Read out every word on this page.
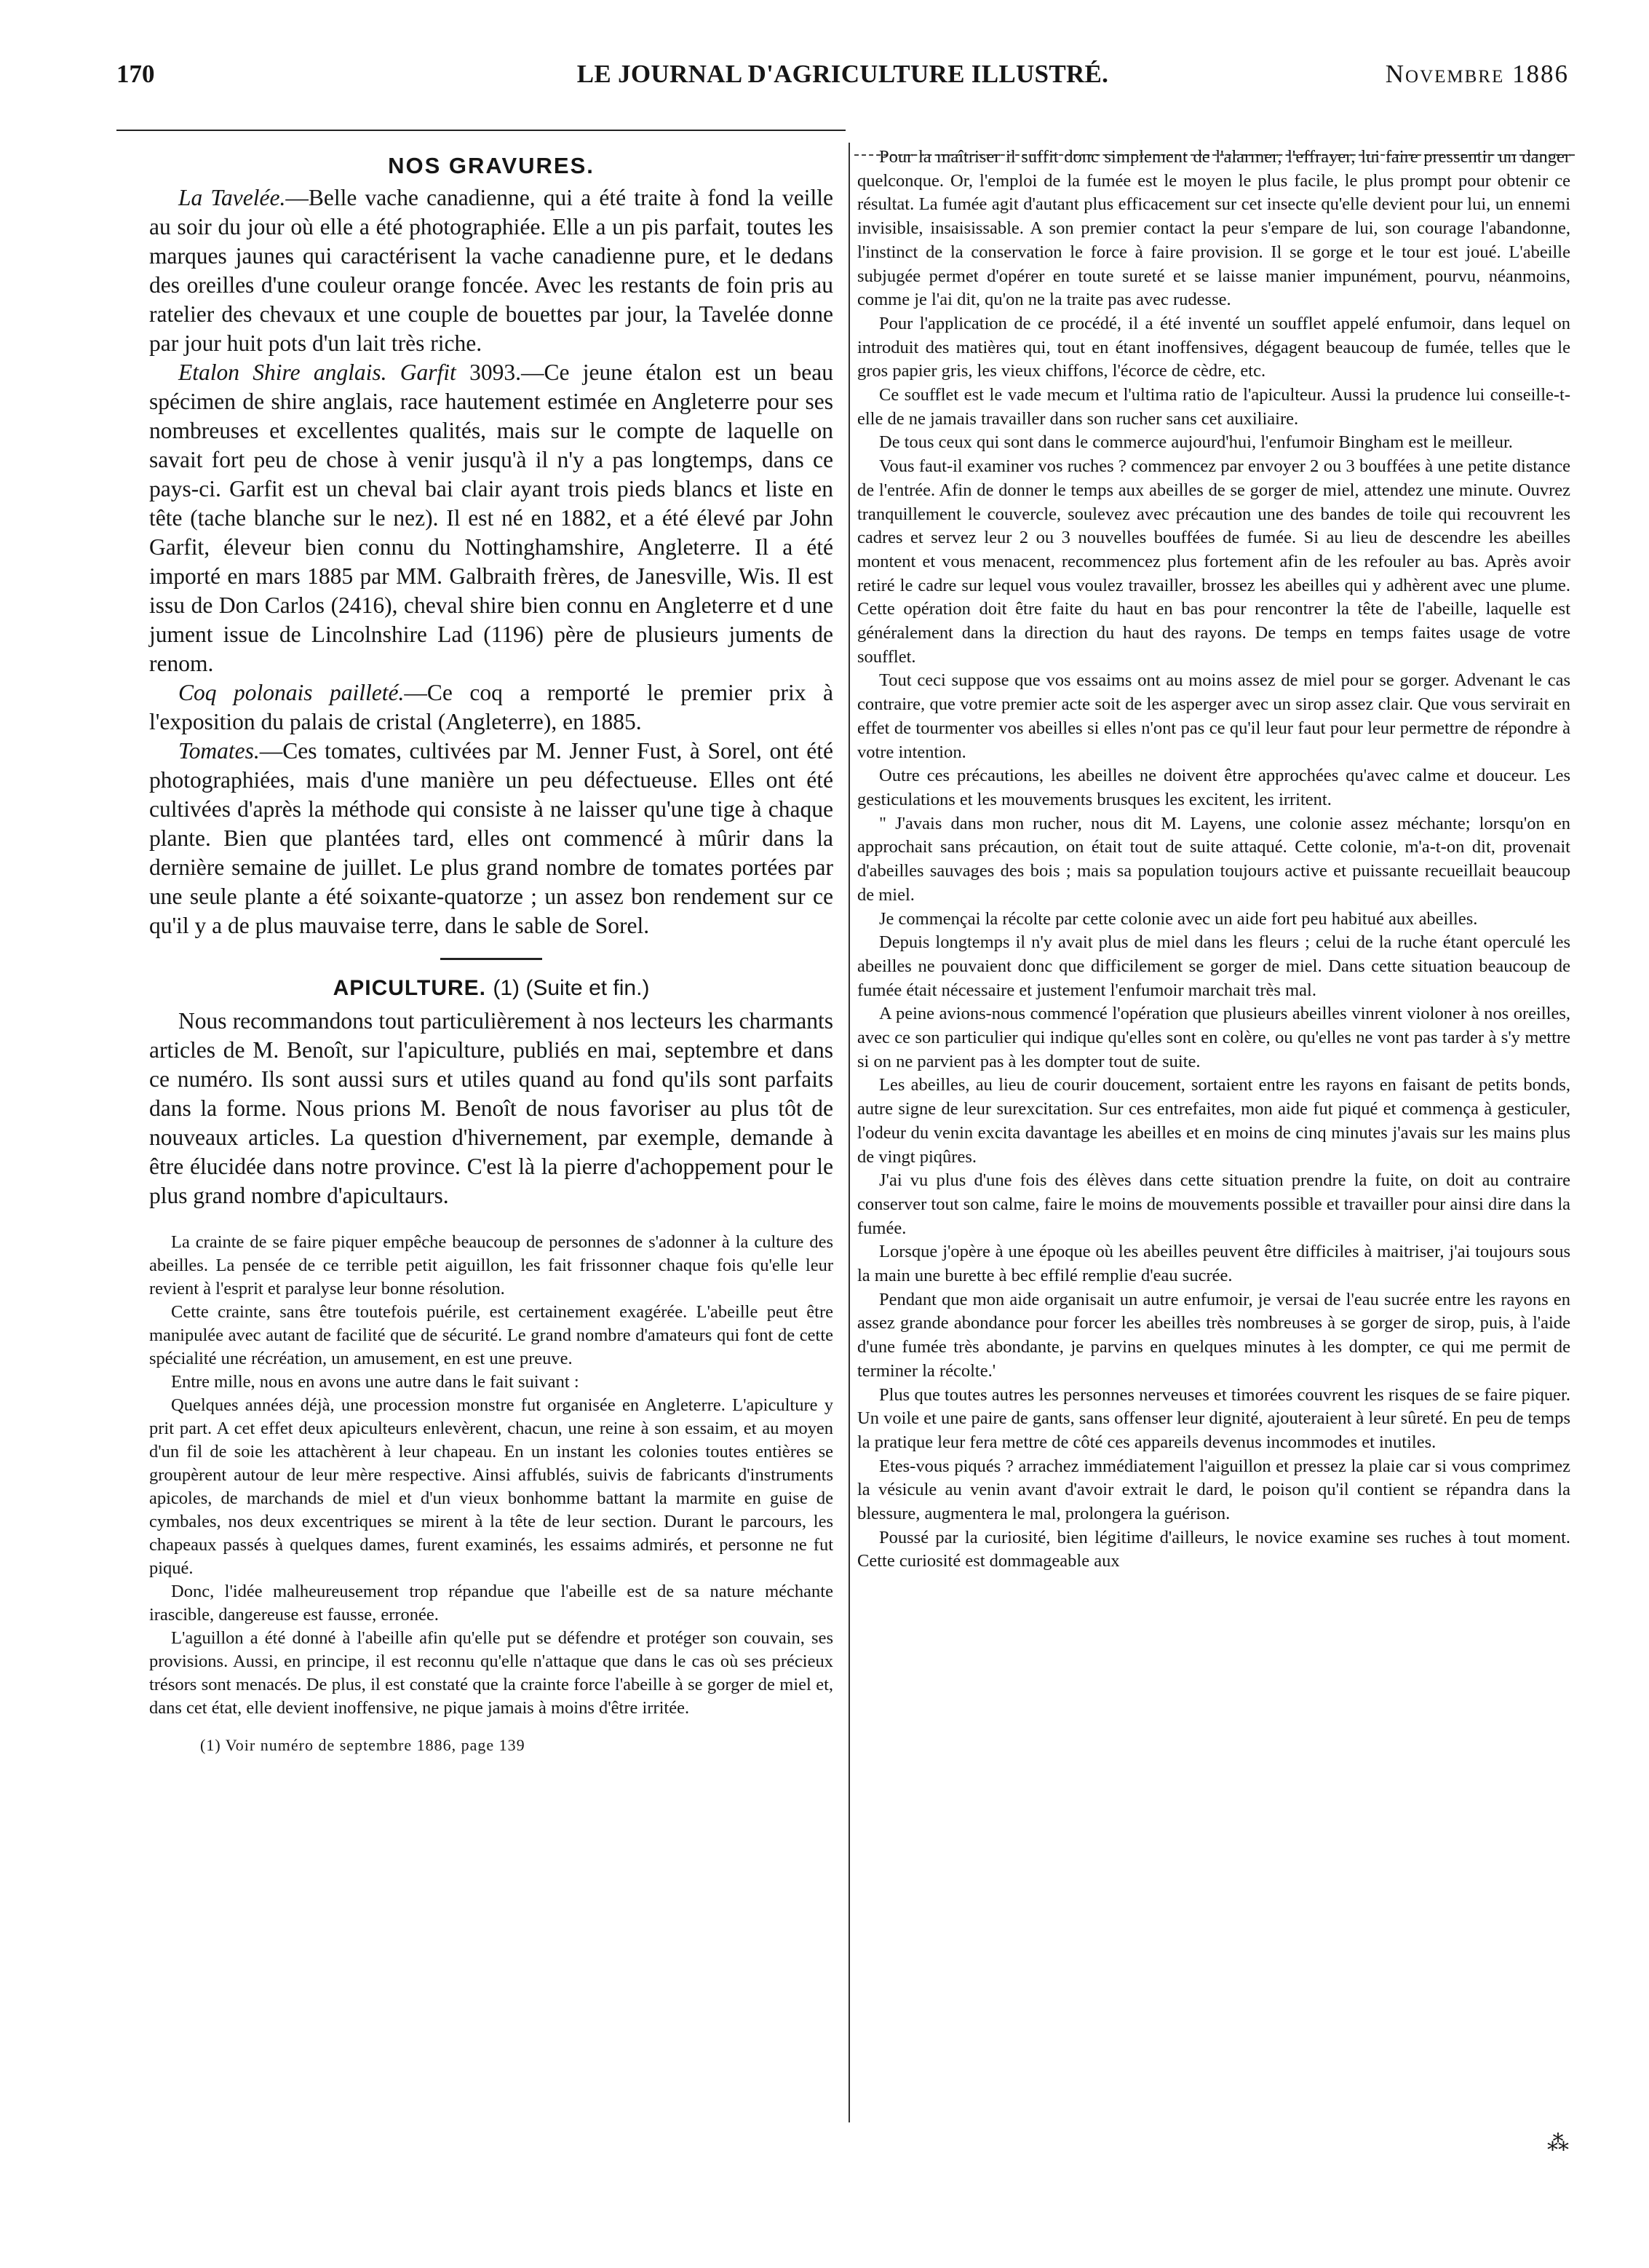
170	LE JOURNAL D'AGRICULTURE ILLUSTRÉ.	Novembre 1886
NOS GRAVURES.

La Tavelée.—Belle vache canadienne, qui a été traite à fond la veille au soir du jour où elle a été photographiée. Elle a un pis parfait, toutes les marques jaunes qui caractérisent la vache canadienne pure, et le dedans des oreilles d'une couleur orange foncée. Avec les restants de foin pris au ratelier des chevaux et une couple de bouettes par jour, la Tavelée donne par jour huit pots d'un lait très riche.

Etalon Shire anglais. Garfit 3093.—Ce jeune étalon est un beau spécimen de shire anglais, race hautement estimée en Angleterre pour ses nombreuses et excellentes qualités, mais sur le compte de laquelle on savait fort peu de chose à venir jusqu'à il n'y a pas longtemps, dans ce pays-ci. Garfit est un cheval bai clair ayant trois pieds blancs et liste en tête (tache blanche sur le nez). Il est né en 1882, et a été élevé par John Garfit, éleveur bien connu du Nottinghamshire, Angleterre. Il a été importé en mars 1885 par MM. Galbraith frères, de Janesville, Wis. Il est issu de Don Carlos (2416), cheval shire bien connu en Angleterre et d une jument issue de Lincolnshire Lad (1196) père de plusieurs juments de renom.

Coq polonais pailleté.—Ce coq a remporté le premier prix à l'exposition du palais de cristal (Angleterre), en 1885.

Tomates.—Ces tomates, cultivées par M. Jenner Fust, à Sorel, ont été photographiées, mais d'une manière un peu défectueuse. Elles ont été cultivées d'après la méthode qui consiste à ne laisser qu'une tige à chaque plante. Bien que plantées tard, elles ont commencé à mûrir dans la dernière semaine de juillet. Le plus grand nombre de tomates portées par une seule plante a été soixante-quatorze ; un assez bon rendement sur ce qu'il y a de plus mauvaise terre, dans le sable de Sorel.

APICULTURE. (1) (Suite et fin.)

Nous recommandons tout particulièrement à nos lecteurs les charmants articles de M. Benoît, sur l'apiculture, publiés en mai, septembre et dans ce numéro. Ils sont aussi surs et utiles quand au fond qu'ils sont parfaits dans la forme. Nous prions M. Benoît de nous favoriser au plus tôt de nouveaux articles. La question d'hivernement, par exemple, demande à être élucidée dans notre province. C'est là la pierre d'achoppement pour le plus grand nombre d'apicultaurs.

La crainte de se faire piquer empêche beaucoup de personnes de s'adonner à la culture des abeilles. La pensée de ce terrible petit aiguillon, les fait frissonner chaque fois qu'elle leur revient à l'esprit et paralyse leur bonne résolution.

Cette crainte, sans être toutefois puérile, est certainement exagérée. L'abeille peut être manipulée avec autant de facilité que de sécurité. Le grand nombre d'amateurs qui font de cette spécialité une récréation, un amusement, en est une preuve.

Entre mille, nous en avons une autre dans le fait suivant :

Quelques années déjà, une procession monstre fut organisée en Angleterre. L'apiculture y prit part. A cet effet deux apiculteurs enlevèrent, chacun, une reine à son essaim, et au moyen d'un fil de soie les attachèrent à leur chapeau. En un instant les colonies toutes entières se groupèrent autour de leur mère respective. Ainsi affublés, suivis de fabricants d'instruments apicoles, de marchands de miel et d'un vieux bonhomme battant la marmite en guise de cymbales, nos deux excentriques se mirent à la tête de leur section. Durant le parcours, les chapeaux passés à quelques dames, furent examinés, les essaims admirés, et personne ne fut piqué.

Donc, l'idée malheureusement trop répandue que l'abeille est de sa nature méchante irascible, dangereuse est fausse, erronée.

L'aguillon a été donné à l'abeille afin qu'elle put se défendre et protéger son couvain, ses provisions. Aussi, en principe, il est reconnu qu'elle n'attaque que dans le cas où ses précieux trésors sont menacés. De plus, il est constaté que la crainte force l'abeille à se gorger de miel et, dans cet état, elle devient inoffensive, ne pique jamais à moins d'être irritée.

(1) Voir numéro de septembre 1886, page 139

Pour la maîtriser il suffit donc simplement de l'alarmer, l'effrayer, lui faire pressentir un danger quelconque. Or, l'emploi de la fumée est le moyen le plus facile, le plus prompt pour obtenir ce résultat. La fumée agit d'autant plus efficacement sur cet insecte qu'elle devient pour lui, un ennemi invisible, insaisissable. A son premier contact la peur s'empare de lui, son courage l'abandonne, l'instinct de la conservation le force à faire provision. Il se gorge et le tour est joué. L'abeille subjugée permet d'opérer en toute sureté et se laisse manier impunément, pourvu, néanmoins, comme je l'ai dit, qu'on ne la traite pas avec rudesse.

Pour l'application de ce procédé, il a été inventé un soufflet appelé enfumoir, dans lequel on introduit des matières qui, tout en étant inoffensives, dégagent beaucoup de fumée, telles que le gros papier gris, les vieux chiffons, l'écorce de cèdre, etc.

Ce soufflet est le vade mecum et l'ultima ratio de l'apiculteur. Aussi la prudence lui conseille-t-elle de ne jamais travailler dans son rucher sans cet auxiliaire.

De tous ceux qui sont dans le commerce aujourd'hui, l'enfumoir Bingham est le meilleur.

Vous faut-il examiner vos ruches ? commencez par envoyer 2 ou 3 bouffées à une petite distance de l'entrée. Afin de donner le temps aux abeilles de se gorger de miel, attendez une minute. Ouvrez tranquillement le couvercle, soulevez avec précaution une des bandes de toile qui recouvrent les cadres et servez leur 2 ou 3 nouvelles bouffées de fumée. Si au lieu de descendre les abeilles montent et vous menacent, recommencez plus fortement afin de les refouler au bas. Après avoir retiré le cadre sur lequel vous voulez travailler, brossez les abeilles qui y adhèrent avec une plume. Cette opération doit être faite du haut en bas pour rencontrer la tête de l'abeille, laquelle est généralement dans la direction du haut des rayons. De temps en temps faites usage de votre soufflet.

Tout ceci suppose que vos essaims ont au moins assez de miel pour se gorger. Advenant le cas contraire, que votre premier acte soit de les asperger avec un sirop assez clair. Que vous servirait en effet de tourmenter vos abeilles si elles n'ont pas ce qu'il leur faut pour leur permettre de répondre à votre intention.

Outre ces précautions, les abeilles ne doivent être approchées qu'avec calme et douceur. Les gesticulations et les mouvements brusques les excitent, les irritent.

" J'avais dans mon rucher, nous dit M. Layens, une colonie assez méchante; lorsqu'on en approchait sans précaution, on était tout de suite attaqué. Cette colonie, m'a-t-on dit, provenait d'abeilles sauvages des bois ; mais sa population toujours active et puissante recueillait beaucoup de miel.

Je commençai la récolte par cette colonie avec un aide fort peu habitué aux abeilles.

Depuis longtemps il n'y avait plus de miel dans les fleurs ; celui de la ruche étant operculé les abeilles ne pouvaient donc que difficilement se gorger de miel. Dans cette situation beaucoup de fumée était nécessaire et justement l'enfumoir marchait très mal.

A peine avions-nous commencé l'opération que plusieurs abeilles vinrent violoner à nos oreilles, avec ce son particulier qui indique qu'elles sont en colère, ou qu'elles ne vont pas tarder à s'y mettre si on ne parvient pas à les dompter tout de suite.

Les abeilles, au lieu de courir doucement, sortaient entre les rayons en faisant de petits bonds, autre signe de leur surexcitation. Sur ces entrefaites, mon aide fut piqué et commença à gesticuler, l'odeur du venin excita davantage les abeilles et en moins de cinq minutes j'avais sur les mains plus de vingt piqûres.

J'ai vu plus d'une fois des élèves dans cette situation prendre la fuite, on doit au contraire conserver tout son calme, faire le moins de mouvements possible et travailler pour ainsi dire dans la fumée.

Lorsque j'opère à une époque où les abeilles peuvent être difficiles à maitriser, j'ai toujours sous la main une burette à bec effilé remplie d'eau sucrée.

Pendant que mon aide organisait un autre enfumoir, je versai de l'eau sucrée entre les rayons en assez grande abondance pour forcer les abeilles très nombreuses à se gorger de sirop, puis, à l'aide d'une fumée très abondante, je parvins en quelques minutes à les dompter, ce qui me permit de terminer la récolte.'

Plus que toutes autres les personnes nerveuses et timorées couvrent les risques de se faire piquer. Un voile et une paire de gants, sans offenser leur dignité, ajouteraient à leur sûreté. En peu de temps la pratique leur fera mettre de côté ces appareils devenus incommodes et inutiles.

Etes-vous piqués ? arrachez immédiatement l'aiguillon et pressez la plaie car si vous comprimez la vésicule au venin avant d'avoir extrait le dard, le poison qu'il contient se répandra dans la blessure, augmentera le mal, prolongera la guérison.

Poussé par la curiosité, bien légitime d'ailleurs, le novice examine ses ruches à tout moment. Cette curiosité est dommageable aux

⁂
